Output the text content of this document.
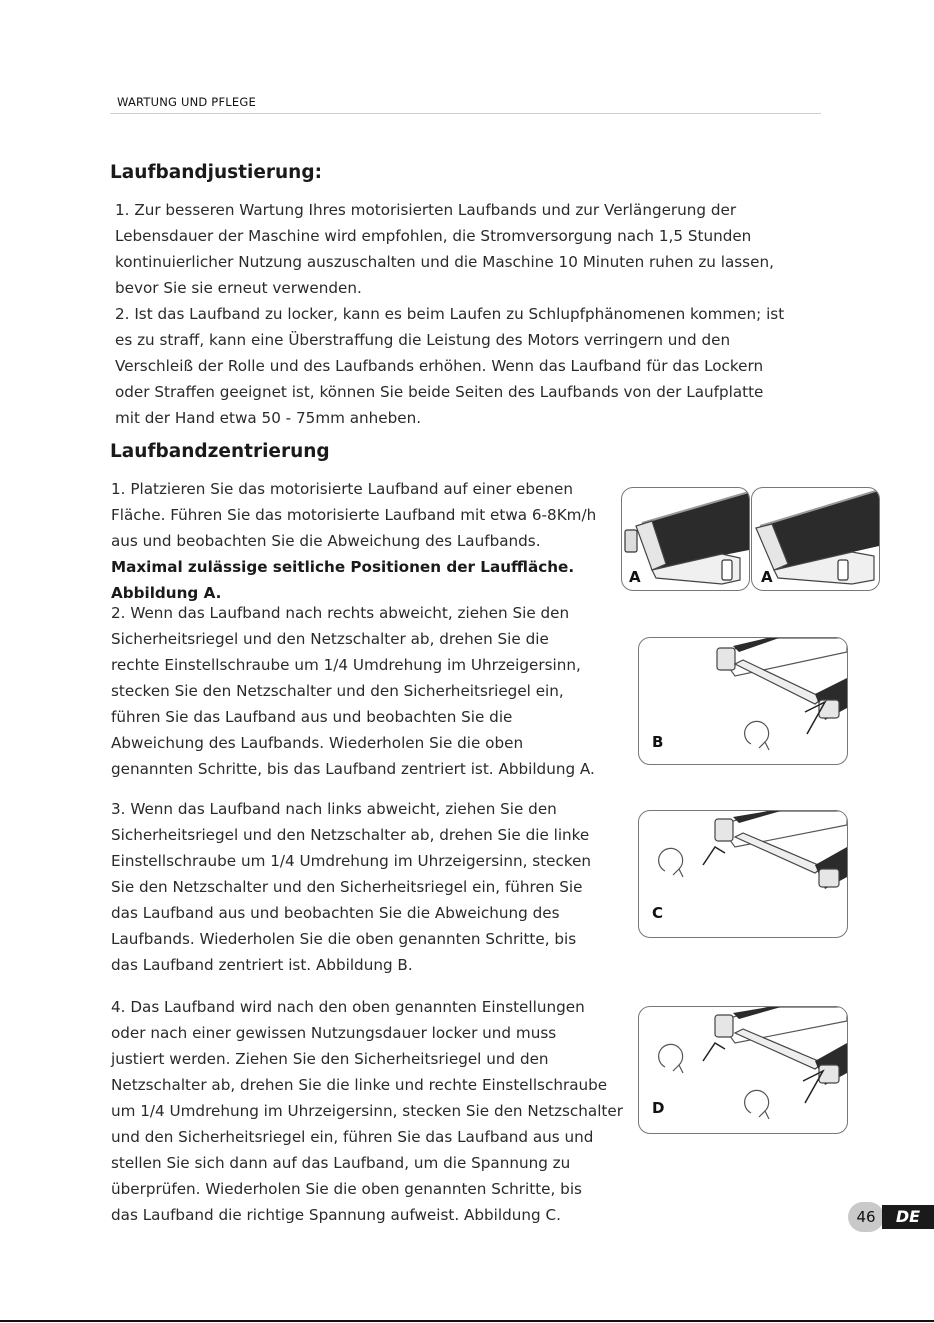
WARTUNG UND PFLEGE
Laufbandjustierung:
1. Zur besseren Wartung Ihres motorisierten Laufbands und zur Verlängerung der
Lebensdauer der Maschine wird empfohlen, die Stromversorgung nach 1,5 Stunden
kontinuierlicher Nutzung auszuschalten und die Maschine 10 Minuten ruhen zu lassen,
bevor Sie sie erneut verwenden.
2. Ist das Laufband zu locker, kann es beim Laufen zu Schlupfphänomenen kommen; ist
es zu straff, kann eine Überstraffung die Leistung des Motors verringern und den
Verschleiß der Rolle und des Laufbands erhöhen. Wenn das Laufband für das Lockern
oder Straffen geeignet ist, können Sie beide Seiten des Laufbands von der Laufplatte
mit der Hand etwa 50 - 75mm anheben.
Laufbandzentrierung
1. Platzieren Sie das motorisierte Laufband auf einer ebenen
Fläche. Führen Sie das motorisierte Laufband mit etwa 6-8Km/h
aus und beobachten Sie die Abweichung des Laufbands.
Maximal zulässige seitliche Positionen der Lauffläche.
Abbildung A.
2. Wenn das Laufband nach rechts abweicht, ziehen Sie den
Sicherheitsriegel und den Netzschalter ab, drehen Sie die
rechte Einstellschraube um 1/4 Umdrehung im Uhrzeigersinn,
stecken Sie den Netzschalter und den Sicherheitsriegel ein,
führen Sie das Laufband aus und beobachten Sie die
Abweichung des Laufbands. Wiederholen Sie die oben
genannten Schritte, bis das Laufband zentriert ist. Abbildung A.
3. Wenn das Laufband nach links abweicht, ziehen Sie den
Sicherheitsriegel und den Netzschalter ab, drehen Sie die linke
Einstellschraube um 1/4 Umdrehung im Uhrzeigersinn, stecken
Sie den Netzschalter und den Sicherheitsriegel ein, führen Sie
das Laufband aus und beobachten Sie die Abweichung des
Laufbands. Wiederholen Sie die oben genannten Schritte, bis
das Laufband zentriert ist. Abbildung B.
4. Das Laufband wird nach den oben genannten Einstellungen
oder nach einer gewissen Nutzungsdauer locker und muss
justiert werden. Ziehen Sie den Sicherheitsriegel und den
Netzschalter ab, drehen Sie die linke und rechte Einstellschraube
um 1/4 Umdrehung im Uhrzeigersinn, stecken Sie den Netzschalter
und den Sicherheitsriegel ein, führen Sie das Laufband aus und
stellen Sie sich dann auf das Laufband, um die Spannung zu
überprüfen. Wiederholen Sie die oben genannten Schritte, bis
das Laufband die richtige Spannung aufweist. Abbildung C.
A	A
B
C
D
46	DE
